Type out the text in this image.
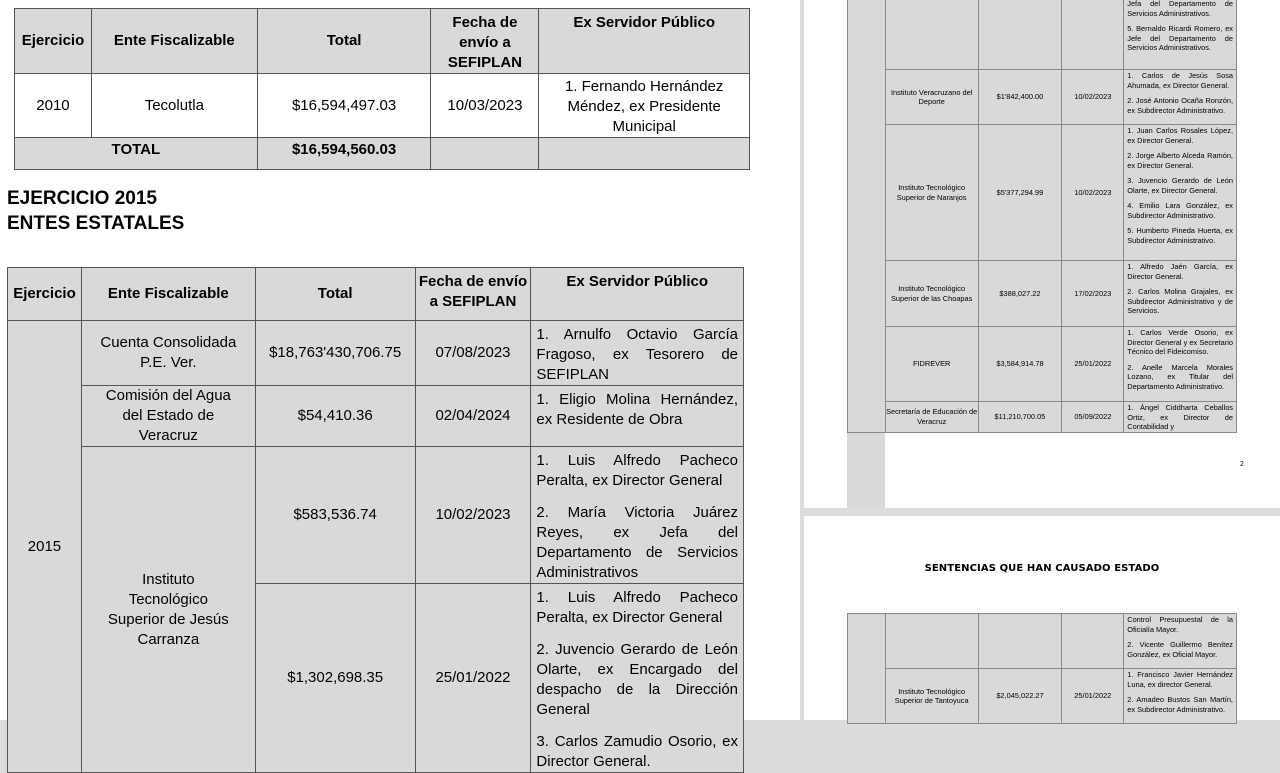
Ejercicio	Ente Fiscalizable	Total	Fecha de envío a SEFIPLAN	Ex Servidor Público
2010	Tecolutla	$16,594,497.03	10/03/2023	1. Fernando Hernández Méndez, ex Presidente Municipal
TOTAL		$16,594,560.03		
EJERCICIO 2015
ENTES ESTATALES
Ejercicio	Ente Fiscalizable	Total	Fecha de envío a SEFIPLAN	Ex Servidor Público
2015	Cuenta Consolidada P.E. Ver.	$18,763'430,706.75	07/08/2023	1. Arnulfo Octavio García Fragoso, ex Tesorero de SEFIPLAN

	Comisión del Agua del Estado de Veracruz	$54,410.36	02/04/2024	1. Eligio Molina Hernández, ex Residente de Obra

	Instituto Tecnológico Superior de Jesús Carranza	$583,536.74	10/02/2023	1. Luis Alfredo Pacheco Peralta, ex Director General

2. María Victoria Juárez Reyes, ex Jefa del Departamento de Servicios Administrativos

		$1,302,698.35	25/01/2022	1. Luis Alfredo Pacheco Peralta, ex Director General

2. Juvencio Gerardo de León Olarte, ex Encargado del despacho de la Dirección General

3. Carlos Zamudio Osorio, ex Director General.

				Jefa del Departamento de Servicios Administrativos.

5. Bernaldo Ricardi Romero, ex Jefe del Departamento de Servicios Administrativos.

	Instituto Veracruzano del Deporte	$1'842,400.00	10/02/2023	1. Carlos de Jesús Sosa Ahumada, ex Director General.

2. José Antonio Ocaña Ronzón, ex Subdirector Administrativo.

	Instituto Tecnológico Superior de Naranjos	$5'377,294.99	10/02/2023	1. Juan Carlos Rosales López, ex Director General.

2. Jorge Alberto Alceda Ramón, ex Director General.

3. Juvencio Gerardo de León Olarte, ex Director General.

4. Emilio Lara González, ex Subdirector Administrativo.

5. Humberto Pineda Huerta, ex Subdirector Administrativo.

	Instituto Tecnológico Superior de las Choapas	$388,027.22	17/02/2023	1. Alfredo Jaén García, ex Director General.

2. Carlos Molina Grajales, ex Subdirector Administrativo y de Servicios.

	FIDREVER	$3,584,914.78	25/01/2022	1. Carlos Verde Osorio, ex Director General y ex Secretario Técnico del Fideicomiso.

2. Anelle Marcela Morales Lozano, ex Titular del Departamento Administrativo.

	Secretaría de Educación de Veracruz	$11,210,700.05	05/09/2022	1. Ángel Ciddharta Ceballos Ortiz, ex Director de Contabilidad y

2
SENTENCIAS QUE HAN CAUSADO ESTADO

				Control Presupuestal de la Oficialía Mayor.

2. Vicente Guillermo Benítez González, ex Oficial Mayor.

	Instituto Tecnológico Superior de Tantoyuca	$2,045,022.27	25/01/2022	1. Francisco Javier Hernández Luna, ex director General.

2. Amadeo Bustos San Martín, ex Subdirector Administrativo.
